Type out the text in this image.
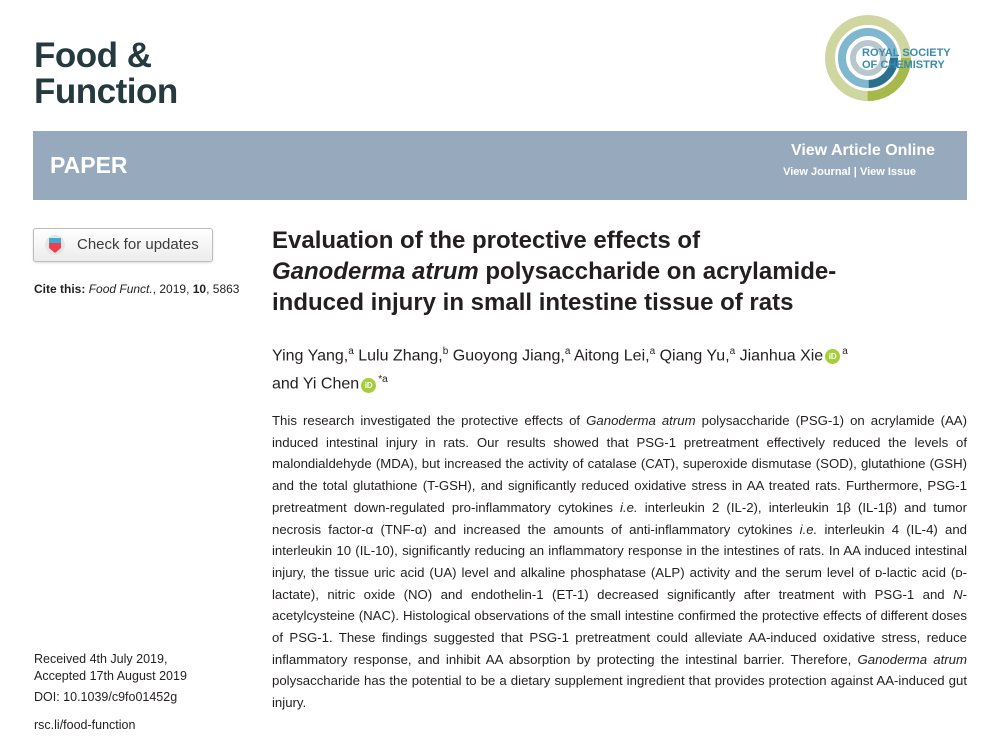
Food &
Function
ROYAL SOCIETY
OF CHEMISTRY
PAPER
View Article Online
View Journal | View Issue
Check for updates
Cite this: Food Funct., 2019, 10, 5863
Evaluation of the protective effects of
Ganoderma atrum polysaccharide on acrylamide-
induced injury in small intestine tissue of rats
Ying Yang,$^a$ Lulu Zhang,$^b$ Guoyong Jiang,$^a$ Aitong Lei,$^a$ Qiang Yu,$^a$ Jianhua Xie iD $^a$
and Yi Chen iD $^{*a}$
This research investigated the protective effects of Ganoderma atrum polysaccharide (PSG-1) on acrylamide (AA) induced intestinal injury in rats. Our results showed that PSG-1 pretreatment effectively reduced the levels of malondialdehyde (MDA), but increased the activity of catalase (CAT), superoxide dismutase (SOD), glutathione (GSH) and the total glutathione (T-GSH), and significantly reduced oxidative stress in AA treated rats. Furthermore, PSG-1 pretreatment down-regulated pro-inflammatory cytokines i.e. interleukin 2 (IL-2), interleukin 1β (IL-1β) and tumor necrosis factor-α (TNF-α) and increased the amounts of anti-inflammatory cytokines i.e. interleukin 4 (IL-4) and interleukin 10 (IL-10), significantly reducing an inflammatory response in the intestines of rats. In AA induced intestinal injury, the tissue uric acid (UA) level and alkaline phosphatase (ALP) activity and the serum level of ᴅ-lactic acid (ᴅ-lactate), nitric oxide (NO) and endothelin-1 (ET-1) decreased significantly after treatment with PSG-1 and N-acetylcysteine (NAC). Histological observations of the small intestine confirmed the protective effects of different doses of PSG-1. These findings suggested that PSG-1 pretreatment could alleviate AA-induced oxidative stress, reduce inflammatory response, and inhibit AA absorption by protecting the intestinal barrier. Therefore, Ganoderma atrum polysaccharide has the potential to be a dietary supplement ingredient that provides protection against AA-induced gut injury.
Received 4th July 2019,
Accepted 17th August 2019
DOI: 10.1039/c9fo01452g
rsc.li/food-function
